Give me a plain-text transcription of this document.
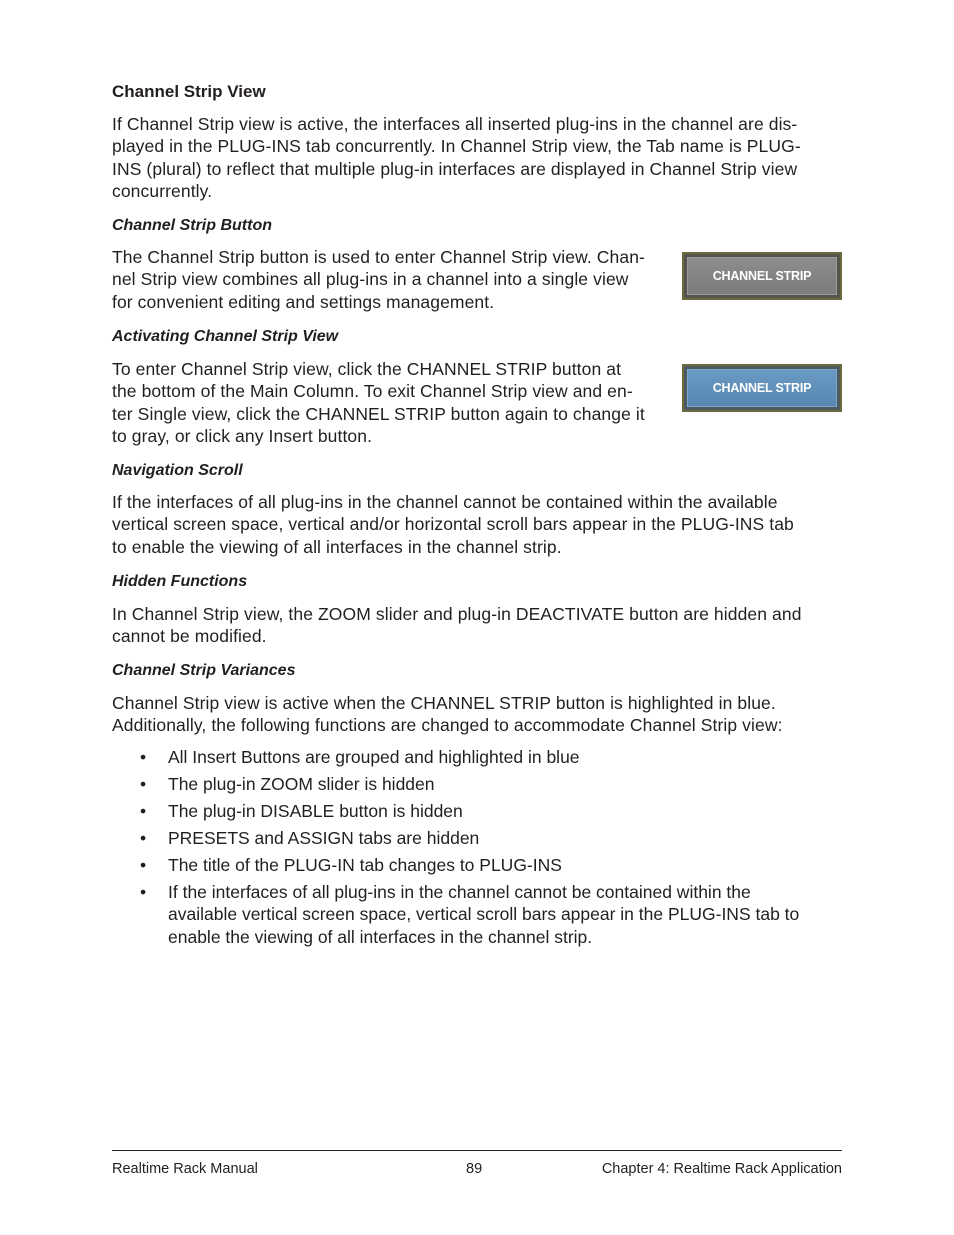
Channel Strip View

If Channel Strip view is active, the interfaces all inserted plug-ins in the channel are dis-
played in the PLUG-INS tab concurrently. In Channel Strip view, the Tab name is PLUG-
INS (plural) to reflect that multiple plug-in interfaces are displayed in Channel Strip view
concurrently.

Channel Strip Button

The Channel Strip button is used to enter Channel Strip view. Chan-
nel Strip view combines all plug-ins in a channel into a single view
for convenient editing and settings management.

CHANNEL STRIP
Activating Channel Strip View

To enter Channel Strip view, click the CHANNEL STRIP button at
the bottom of the Main Column. To exit Channel Strip view and en-
ter Single view, click the CHANNEL STRIP button again to change it
to gray, or click any Insert button.

CHANNEL STRIP
Navigation Scroll

If the interfaces of all plug-ins in the channel cannot be contained within the available
vertical screen space, vertical and/or horizontal scroll bars appear in the PLUG-INS tab
to enable the viewing of all interfaces in the channel strip.

Hidden Functions

In Channel Strip view, the ZOOM slider and plug-in DEACTIVATE button are hidden and
cannot be modified.

Channel Strip Variances

Channel Strip view is active when the CHANNEL STRIP button is highlighted in blue.
Additionally, the following functions are changed to accommodate Channel Strip view:

• All Insert Buttons are grouped and highlighted in blue
• The plug-in ZOOM slider is hidden
• The plug-in DISABLE button is hidden
• PRESETS and ASSIGN tabs are hidden
• The title of the PLUG-IN tab changes to PLUG-INS
• If the interfaces of all plug-ins in the channel cannot be contained within the
available vertical screen space, vertical scroll bars appear in the PLUG-INS tab to
enable the viewing of all interfaces in the channel strip.
Realtime Rack Manual	89	Chapter 4: Realtime Rack Application
